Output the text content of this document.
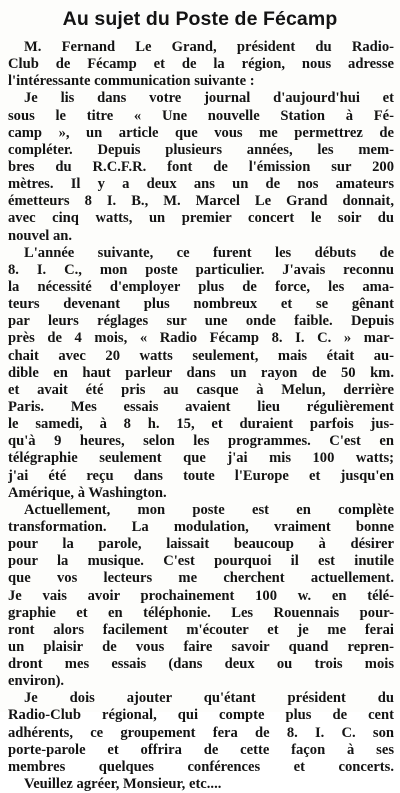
Au sujet du Poste de Fécamp
M. Fernand Le Grand, président du Radio-
Club de Fécamp et de la région, nous adresse
l'intéressante communication suivante :
Je lis dans votre journal d'aujourd'hui et
sous le titre « Une nouvelle Station à Fé-
camp », un article que vous me permettrez de
compléter. Depuis plusieurs années, les mem-
bres du R.C.F.R. font de l'émission sur 200
mètres. Il y a deux ans un de nos amateurs
émetteurs 8 I. B., M. Marcel Le Grand donnait,
avec cinq watts, un premier concert le soir du
nouvel an.
L'année suivante, ce furent les débuts de
8. I. C., mon poste particulier. J'avais reconnu
la nécessité d'employer plus de force, les ama-
teurs devenant plus nombreux et se gênant
par leurs réglages sur une onde faible. Depuis
près de 4 mois, « Radio Fécamp 8. I. C. » mar-
chait avec 20 watts seulement, mais était au-
dible en haut parleur dans un rayon de 50 km.
et avait été pris au casque à Melun, derrière
Paris. Mes essais avaient lieu régulièrement
le samedi, à 8 h. 15, et duraient parfois jus-
qu'à 9 heures, selon les programmes. C'est en
télégraphie seulement que j'ai mis 100 watts;
j'ai été reçu dans toute l'Europe et jusqu'en
Amérique, à Washington.
Actuellement, mon poste est en complète
transformation. La modulation, vraiment bonne
pour la parole, laissait beaucoup à désirer
pour la musique. C'est pourquoi il est inutile
que vos lecteurs me cherchent actuellement.
Je vais avoir prochainement 100 w. en télé-
graphie et en téléphonie. Les Rouennais pour-
ront alors facilement m'écouter et je me ferai
un plaisir de vous faire savoir quand repren-
dront mes essais (dans deux ou trois mois
environ).
Je dois ajouter qu'étant président du
Radio-Club régional, qui compte plus de cent
adhérents, ce groupement fera de 8. I. C. son
porte-parole et offrira de cette façon à ses
membres quelques conférences et concerts.
Veuillez agréer, Monsieur, etc....
